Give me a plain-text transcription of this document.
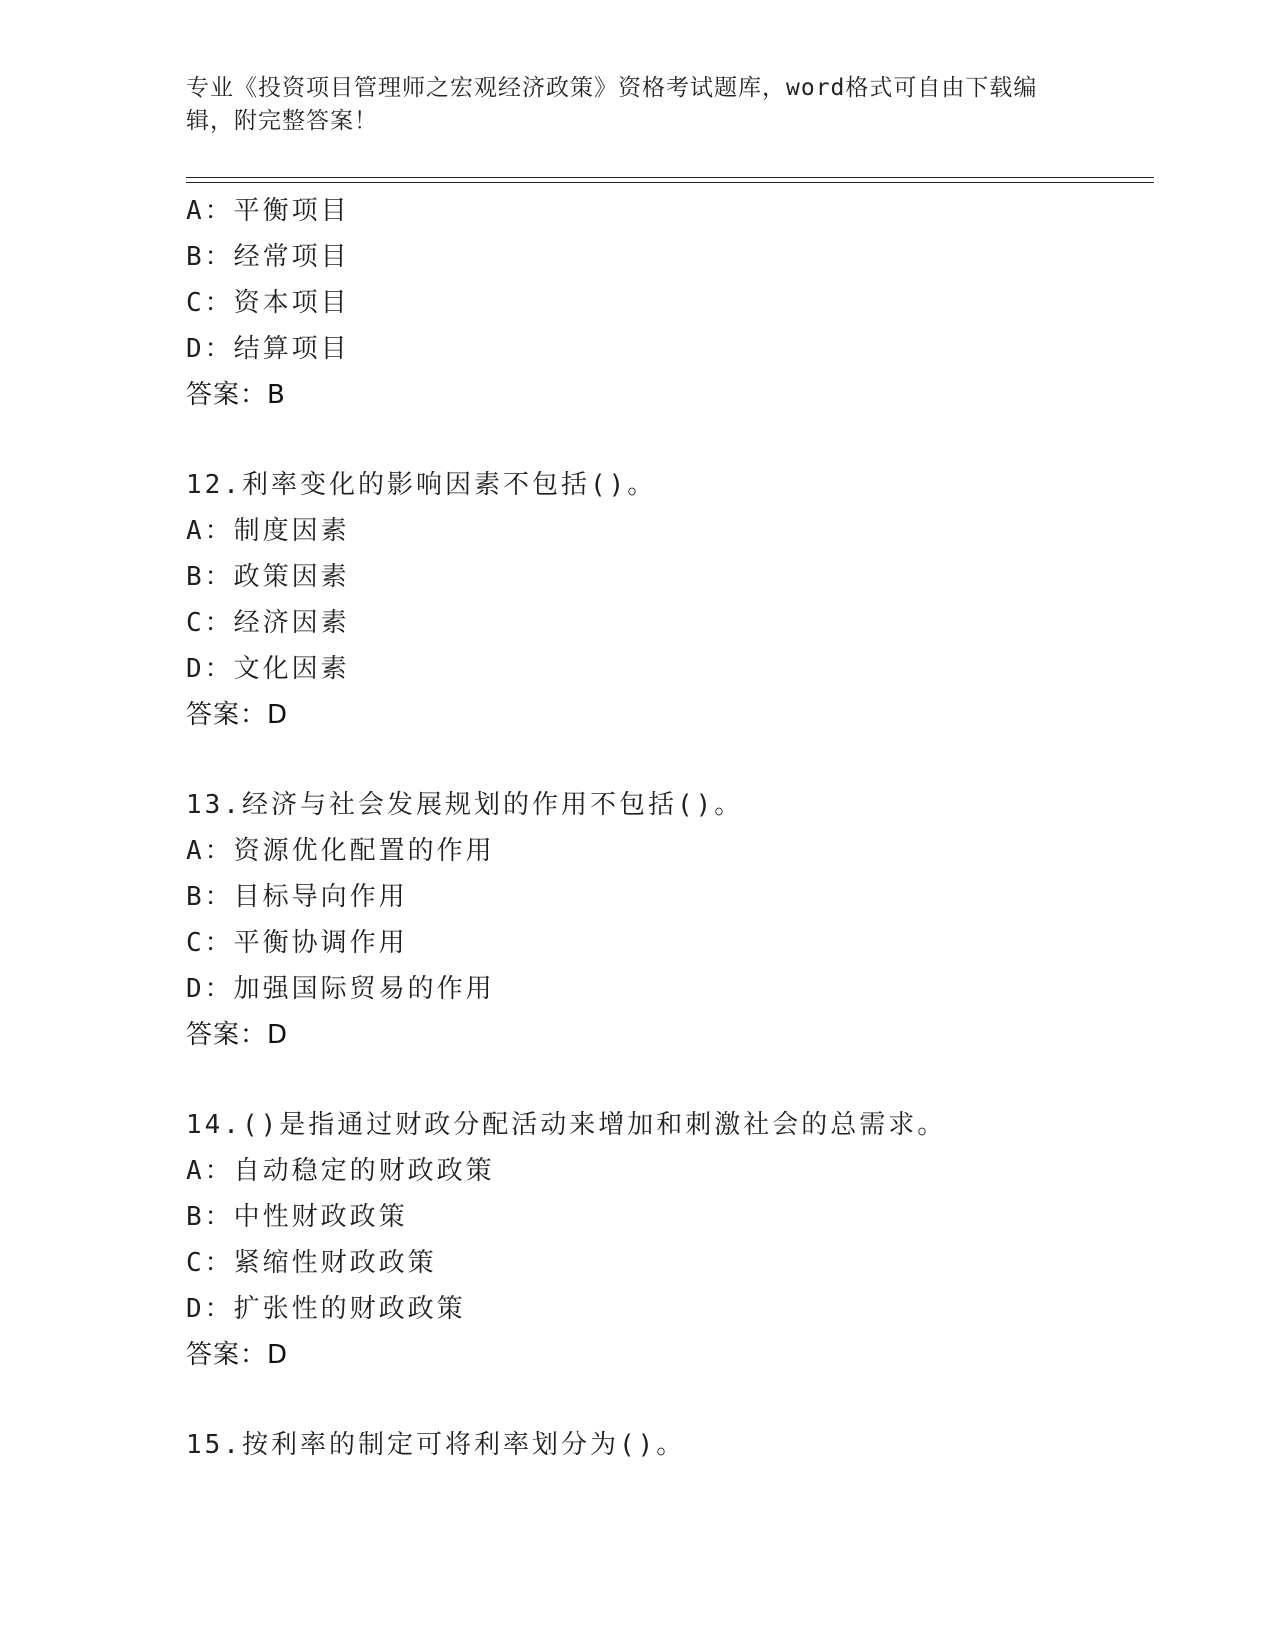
专业《投资项目管理师之宏观经济政策》资格考试题库，word格式可自由下载编
辑，附完整答案！
A：平衡项目
B：经常项目
C：资本项目
D：结算项目
答案：B
12.利率变化的影响因素不包括()。
A：制度因素
B：政策因素
C：经济因素
D：文化因素
答案：D
13.经济与社会发展规划的作用不包括()。
A：资源优化配置的作用
B：目标导向作用
C：平衡协调作用
D：加强国际贸易的作用
答案：D
14.()是指通过财政分配活动来增加和刺激社会的总需求。
A：自动稳定的财政政策
B：中性财政政策
C：紧缩性财政政策
D：扩张性的财政政策
答案：D
15.按利率的制定可将利率划分为()。
